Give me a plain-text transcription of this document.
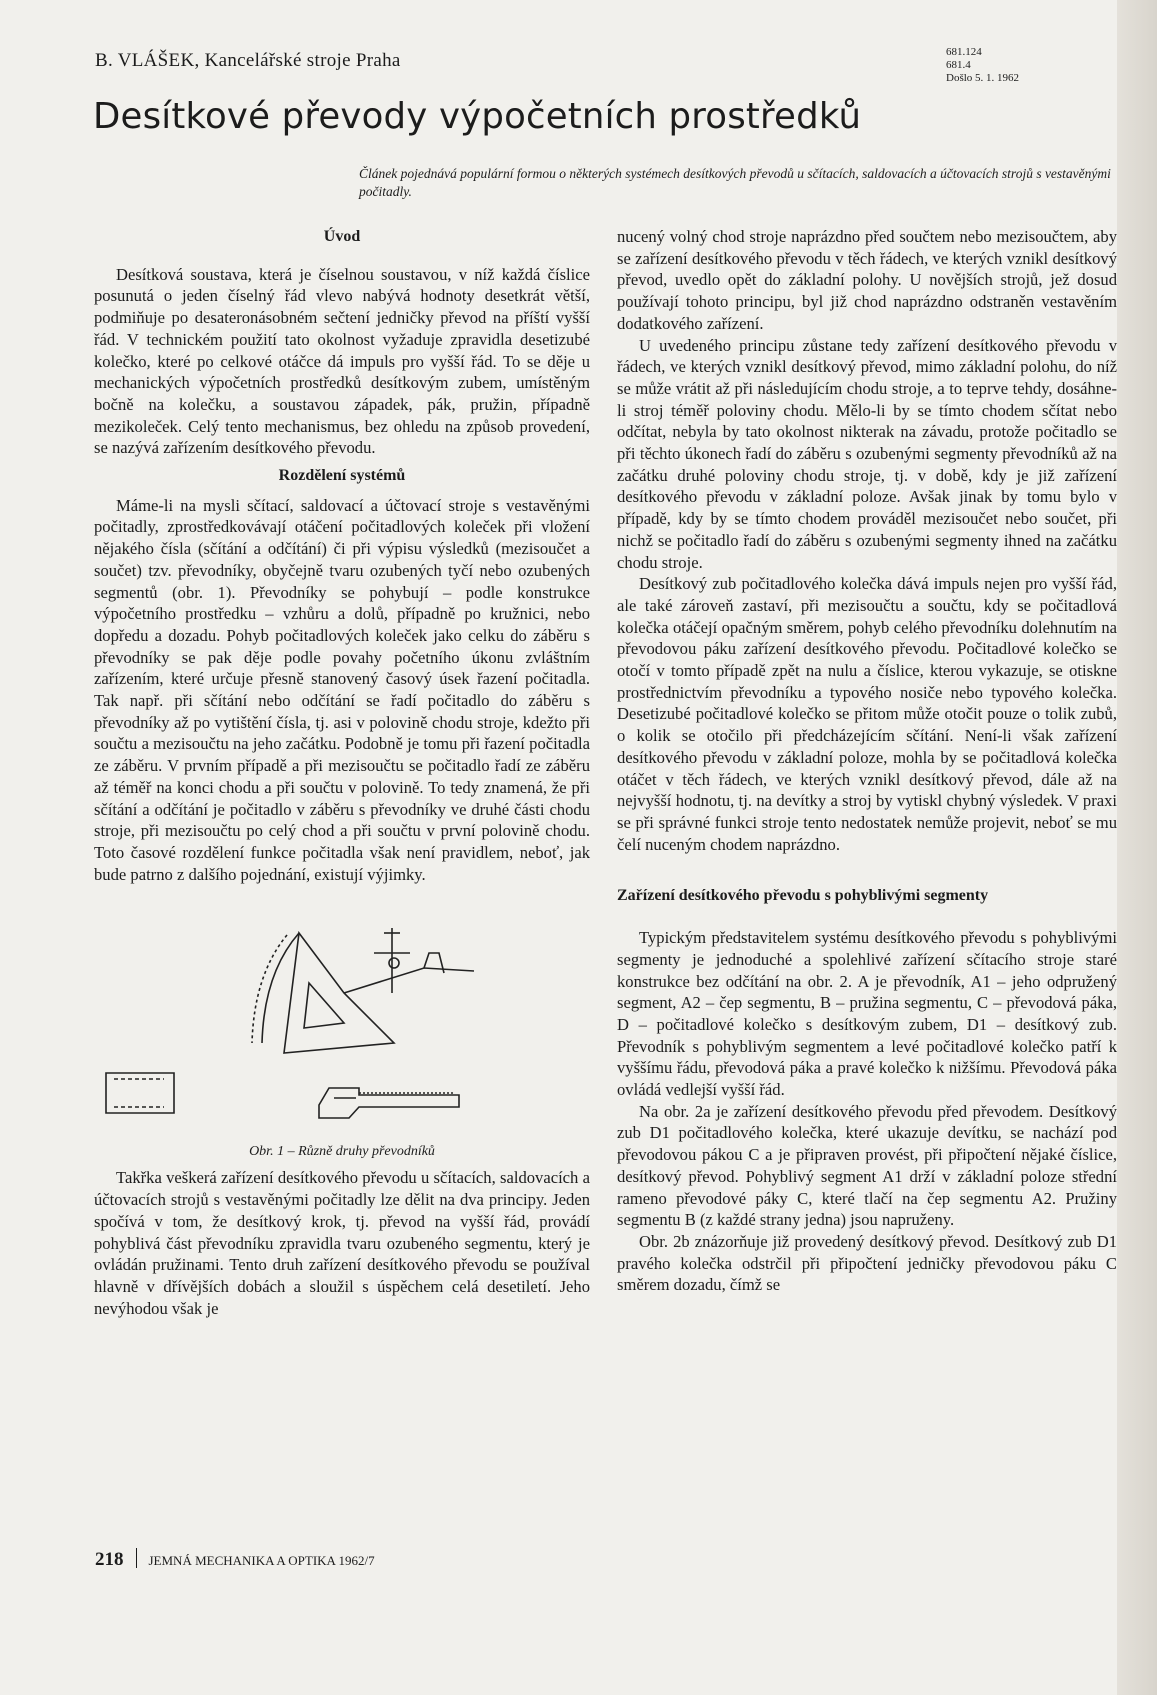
B. VLÁŠEK, Kancelářské stroje Praha	681.124
681.4
Došlo 5. 1. 1962
Desítkové převody výpočetních prostředků

Článek pojednává populární formou o některých systémech desítkových převodů u sčítacích, saldovacích a účtovacích strojů s vestavěnými počitadly.

Úvod

Desítková soustava, která je číselnou soustavou, v níž každá číslice posunutá o jeden číselný řád vlevo nabývá hodnoty desetkrát větší, podmiňuje po desateronásobném sečtení jedničky převod na příští vyšší řád. V technickém použití tato okolnost vyžaduje zpravidla desetizubé kolečko, které po celkové otáčce dá impuls pro vyšší řád. To se děje u mechanických výpočetních prostředků desítkovým zubem, umístěným bočně na kolečku, a soustavou západek, pák, pružin, případně mezikoleček. Celý tento mechanismus, bez ohledu na způsob provedení, se nazývá zařízením desítkového převodu.

Rozdělení systémů

Máme-li na mysli sčítací, saldovací a účtovací stroje s vestavěnými počitadly, zprostředkovávají otáčení počitadlových koleček při vložení nějakého čísla (sčítání a odčítání) či při výpisu výsledků (mezisoučet a součet) tzv. převodníky, obyčejně tvaru ozubených tyčí nebo ozubených segmentů (obr. 1). Převodníky se pohybují – podle konstrukce výpočetního prostředku – vzhůru a dolů, případně po kružnici, nebo dopředu a dozadu. Pohyb počitadlových koleček jako celku do záběru s převodníky se pak děje podle povahy početního úkonu zvláštním zařízením, které určuje přesně stanovený časový úsek řazení počitadla. Tak např. při sčítání nebo odčítání se řadí počitadlo do záběru s převodníky až po vytištění čísla, tj. asi v polovině chodu stroje, kdežto při součtu a mezisoučtu na jeho začátku. Podobně je tomu při řazení počitadla ze záběru. V prvním případě a při mezisoučtu se počitadlo řadí ze záběru až téměř na konci chodu a při součtu v polovině. To tedy znamená, že při sčítání a odčítání je počitadlo v záběru s převodníky ve druhé části chodu stroje, při mezisoučtu po celý chod a při součtu v první polovině chodu. Toto časové rozdělení funkce počitadla však není pravidlem, neboť, jak bude patrno z dalšího pojednání, existují výjimky.

Obr. 1 – Různě druhy převodníků

Takřka veškerá zařízení desítkového převodu u sčítacích, saldovacích a účtovacích strojů s vestavěnými počitadly lze dělit na dva principy. Jeden spočívá v tom, že desítkový krok, tj. převod na vyšší řád, provádí pohyblivá část převodníku zpravidla tvaru ozubeného segmentu, který je ovládán pružinami. Tento druh zařízení desítkového převodu se používal hlavně v dřívějších dobách a sloužil s úspěchem celá desetiletí. Jeho nevýhodou však je

nucený volný chod stroje naprázdno před součtem nebo mezisoučtem, aby se zařízení desítkového převodu v těch řádech, ve kterých vznikl desítkový převod, uvedlo opět do základní polohy. U novějších strojů, jež dosud používají tohoto principu, byl již chod naprázdno odstraněn vestavěním dodatkového zařízení.

U uvedeného principu zůstane tedy zařízení desítkového převodu v řádech, ve kterých vznikl desítkový převod, mimo základní polohu, do níž se může vrátit až při následujícím chodu stroje, a to teprve tehdy, dosáhne-li stroj téměř poloviny chodu. Mělo-li by se tímto chodem sčítat nebo odčítat, nebyla by tato okolnost nikterak na závadu, protože počitadlo se při těchto úkonech řadí do záběru s ozubenými segmenty převodníků až na začátku druhé poloviny chodu stroje, tj. v době, kdy je již zařízení desítkového převodu v základní poloze. Avšak jinak by tomu bylo v případě, kdy by se tímto chodem prováděl mezisoučet nebo součet, při nichž se počitadlo řadí do záběru s ozubenými segmenty ihned na začátku chodu stroje.

Desítkový zub počitadlového kolečka dává impuls nejen pro vyšší řád, ale také zároveň zastaví, při mezisoučtu a součtu, kdy se počitadlová kolečka otáčejí opačným směrem, pohyb celého převodníku dolehnutím na převodovou páku zařízení desítkového převodu. Počitadlové kolečko se otočí v tomto případě zpět na nulu a číslice, kterou vykazuje, se otiskne prostřednictvím převodníku a typového nosiče nebo typového kolečka. Desetizubé počitadlové kolečko se přitom může otočit pouze o tolik zubů, o kolik se otočilo při předcházejícím sčítání. Není-li však zařízení desítkového převodu v základní poloze, mohla by se počitadlová kolečka otáčet v těch řádech, ve kterých vznikl desítkový převod, dále až na nejvyšší hodnotu, tj. na devítky a stroj by vytiskl chybný výsledek. V praxi se při správné funkci stroje tento nedostatek nemůže projevit, neboť se mu čelí nuceným chodem naprázdno.

Zařízení desítkového převodu s pohyblivými segmenty

Typickým představitelem systému desítkového převodu s pohyblivými segmenty je jednoduché a spolehlivé zařízení sčítacího stroje staré konstrukce bez odčítání na obr. 2. A je převodník, A1 – jeho odpružený segment, A2 – čep segmentu, B – pružina segmentu, C – převodová páka, D – počitadlové kolečko s desítkovým zubem, D1 – desítkový zub. Převodník s pohyblivým segmentem a levé počitadlové kolečko patří k vyššímu řádu, převodová páka a pravé kolečko k nižšímu. Převodová páka ovládá vedlejší vyšší řád.

Na obr. 2a je zařízení desítkového převodu před převodem. Desítkový zub D1 počitadlového kolečka, které ukazuje devítku, se nachází pod převodovou pákou C a je připraven provést, při připočtení nějaké číslice, desítkový převod. Pohyblivý segment A1 drží v základní poloze střední rameno převodové páky C, které tlačí na čep segmentu A2. Pružiny segmentu B (z každé strany jedna) jsou napruženy.

Obr. 2b znázorňuje již provedený desítkový převod. Desítkový zub D1 pravého kolečka odstrčil při připočtení jedničky převodovou páku C směrem dozadu, čímž se

218 JEMNÁ MECHANIKA A OPTIKA 1962/7
